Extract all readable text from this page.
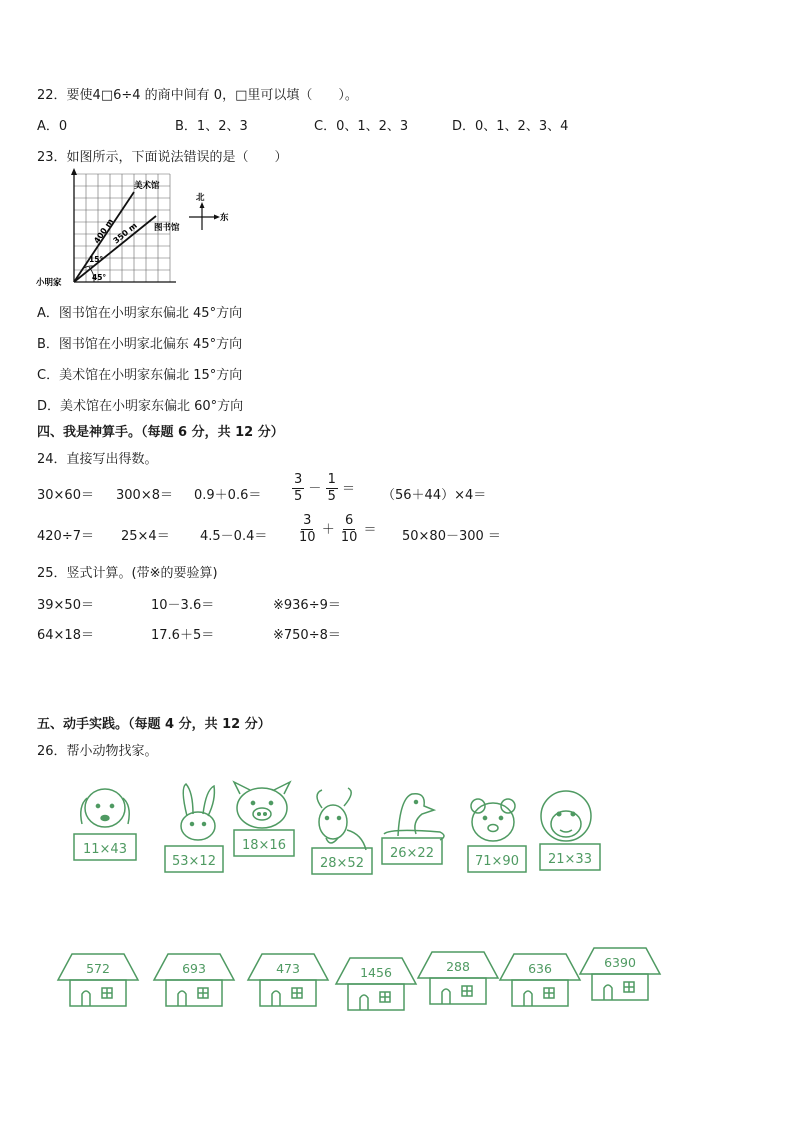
22．要使4□6÷4 的商中间有 0，□里可以填（　　）。
A．0	B．1、2、3	C．0、1、2、3	D．0、1、2、3、4
23．如图所示，下面说法错误的是（　　）
美术馆
图书馆
400 m
350 m
15°
45°
小明家
北
东
A．图书馆在小明家东偏北 45°方向
B．图书馆在小明家北偏东 45°方向
C．美术馆在小明家东偏北 15°方向
D．美术馆在小明家东偏北 60°方向
四、我是神算手。（每题 6 分，共 12 分）
24．直接写出得数。
$30\times 60= 300\times 8= 0.9+0.6= \frac{3}{5} - \frac{1}{5} = (56+44)\times 4=$
$420\div 7= 25\times 4= 4.5-0.4= \frac{3}{10} + \frac{6}{10} = 50\times 80-300$ ＝
25．竖式计算。(带※的要验算)
39×50＝	10－3.6＝	※936÷9＝
64×18＝	17.6＋5＝	※750÷8＝
五、动手实践。（每题 4 分，共 12 分）
26．帮小动物找家。
11×43
53×12
18×16
28×52
26×22
71×90 21×33
572	693	473	1456	288	636	6390
